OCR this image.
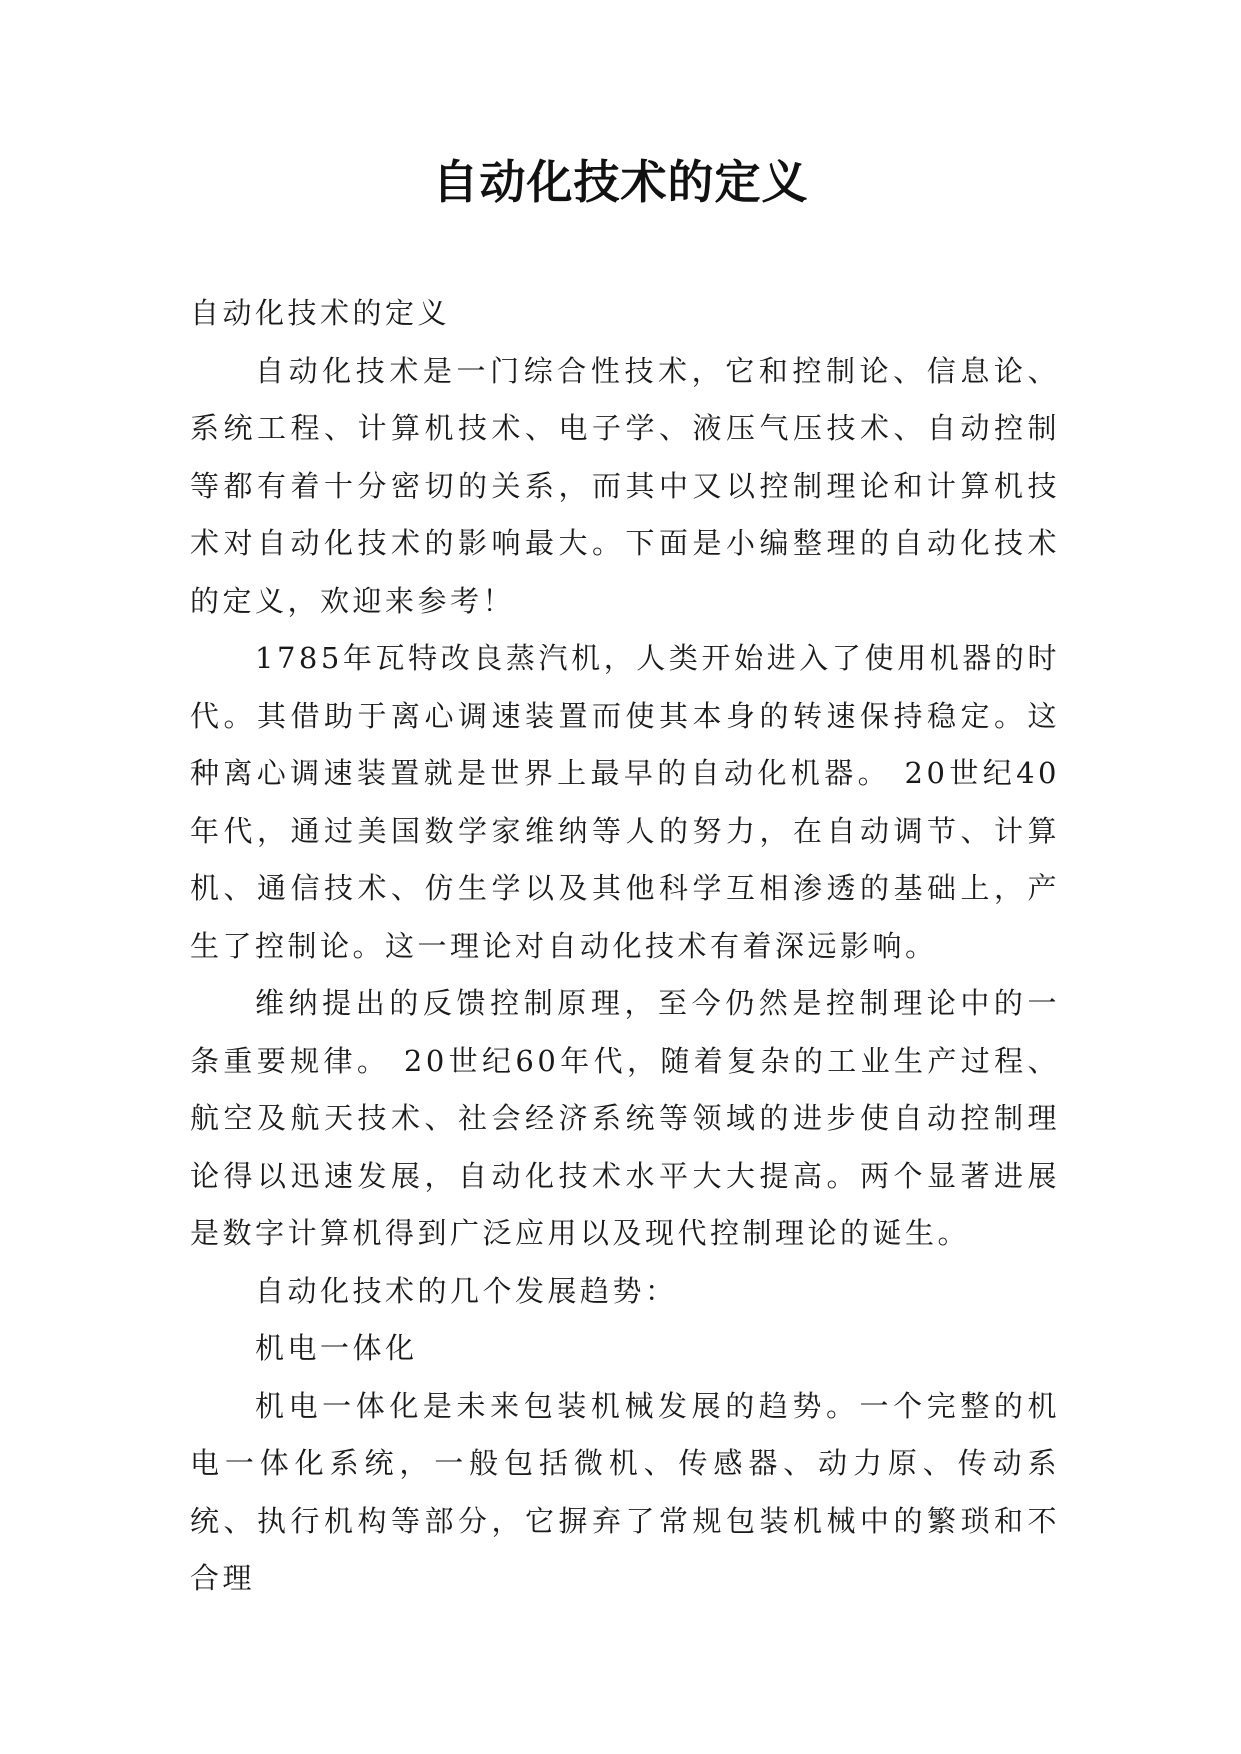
自动化技术的定义

自动化技术的定义

自动化技术是一门综合性技术，它和控制论、信息论、系统工程、计算机技术、电子学、液压气压技术、自动控制等都有着十分密切的关系，而其中又以控制理论和计算机技术对自动化技术的影响最大。下面是小编整理的自动化技术的定义，欢迎来参考！

1785年瓦特改良蒸汽机，人类开始进入了使用机器的时代。其借助于离心调速装置而使其本身的转速保持稳定。这种离心调速装置就是世界上最早的自动化机器。 20世纪40年代，通过美国数学家维纳等人的努力，在自动调节、计算机、通信技术、仿生学以及其他科学互相渗透的基础上，产生了控制论。这一理论对自动化技术有着深远影响。

维纳提出的反馈控制原理，至今仍然是控制理论中的一条重要规律。 20世纪60年代，随着复杂的工业生产过程、航空及航天技术、社会经济系统等领域的进步使自动控制理论得以迅速发展，自动化技术水平大大提高。两个显著进展是数字计算机得到广泛应用以及现代控制理论的诞生。

自动化技术的几个发展趋势：

机电一体化

机电一体化是未来包装机械发展的趋势。一个完整的机电一体化系统，一般包括微机、传感器、动力原、传动系统、执行机构等部分，它摒弃了常规包装机械中的繁琐和不合理
